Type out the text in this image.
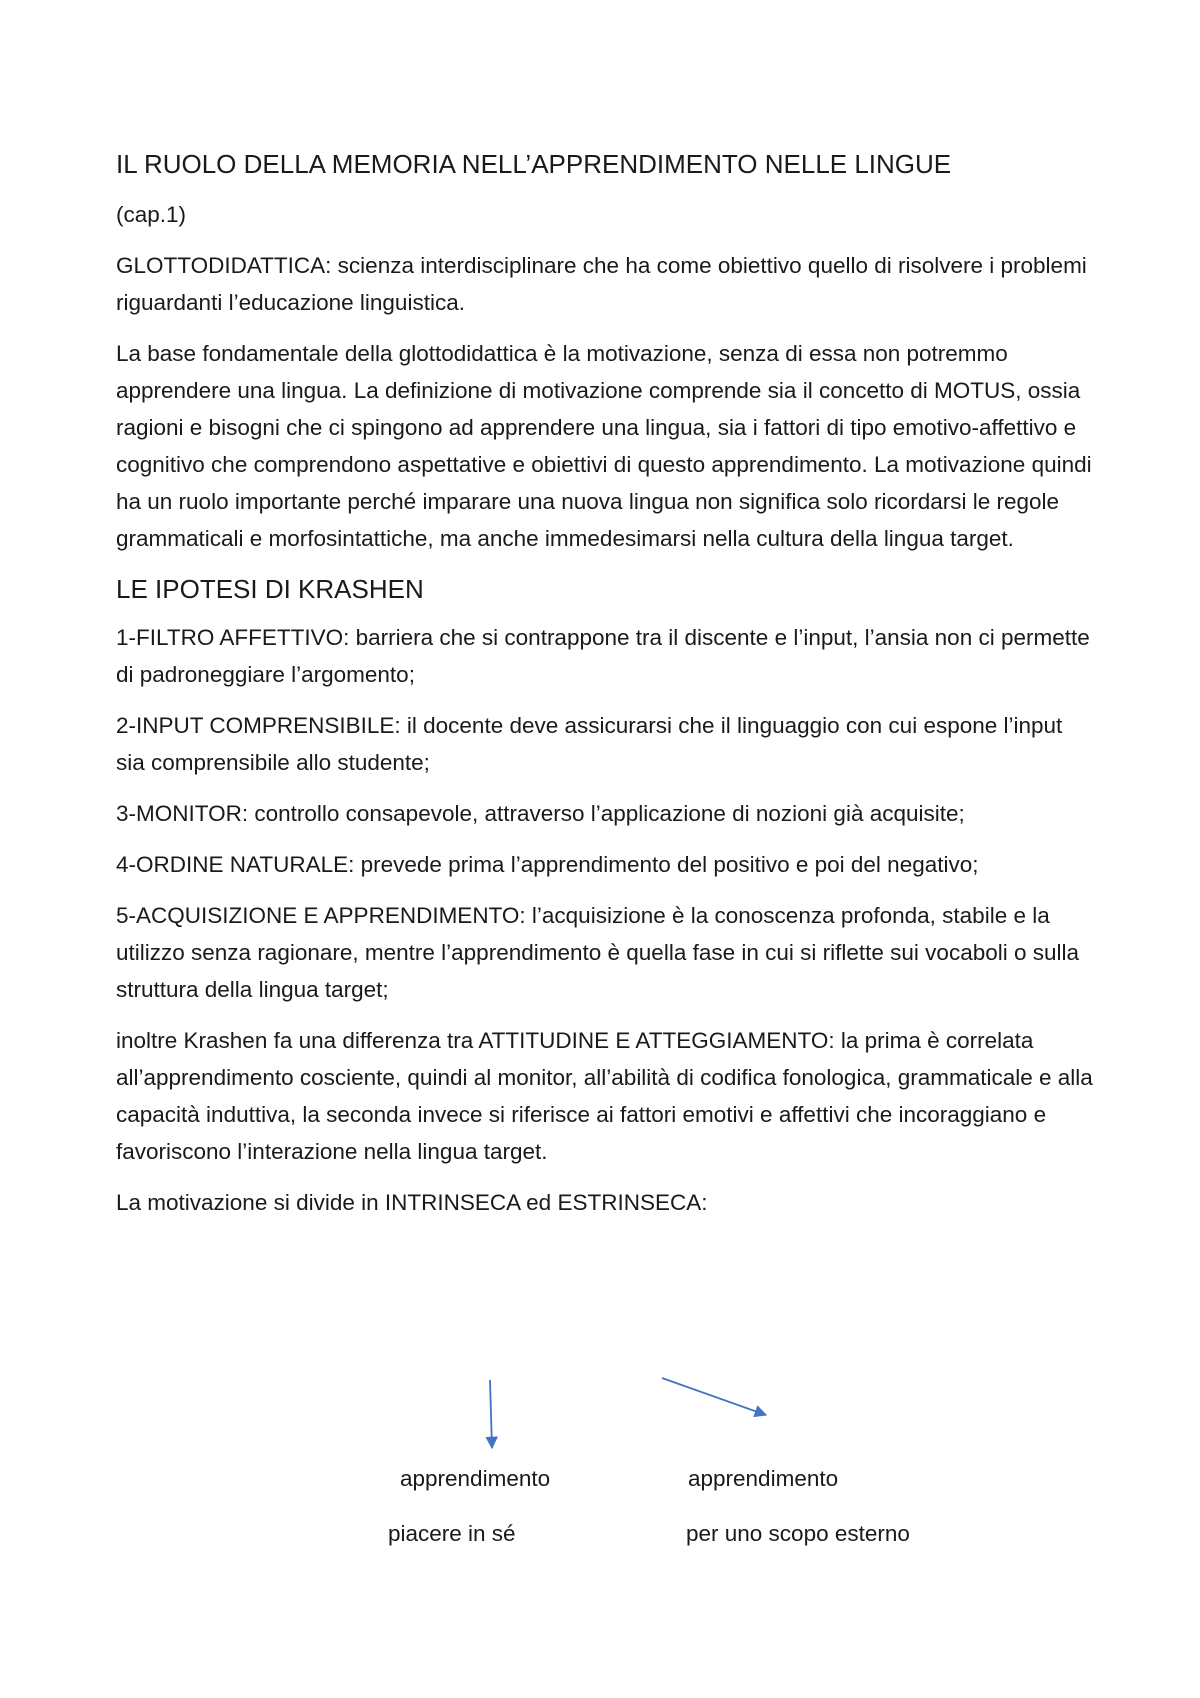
IL RUOLO DELLA MEMORIA NELL’APPRENDIMENTO NELLE LINGUE

(cap.1)

GLOTTODIDATTICA: scienza interdisciplinare che ha come obiettivo quello di risolvere i problemi riguardanti l’educazione linguistica.

La base fondamentale della glottodidattica è la motivazione, senza di essa non potremmo apprendere una lingua. La definizione di motivazione comprende sia il concetto di MOTUS, ossia ragioni e bisogni che ci spingono ad apprendere una lingua, sia i fattori di tipo emotivo-affettivo e cognitivo che comprendono aspettative e obiettivi di questo apprendimento. La motivazione quindi ha un ruolo importante perché imparare una nuova lingua non significa solo ricordarsi le regole grammaticali e morfosintattiche, ma anche immedesimarsi nella cultura della lingua target.

LE IPOTESI DI KRASHEN

1-FILTRO AFFETTIVO: barriera che si contrappone tra il discente e l’input, l’ansia non ci permette di padroneggiare l’argomento;

2-INPUT COMPRENSIBILE: il docente deve assicurarsi che il linguaggio con cui espone l’input sia comprensibile allo studente;

3-MONITOR: controllo consapevole, attraverso l’applicazione di nozioni già acquisite;

4-ORDINE NATURALE: prevede prima l’apprendimento del positivo e poi del negativo;

5-ACQUISIZIONE E APPRENDIMENTO: l’acquisizione è la conoscenza profonda, stabile e la utilizzo senza ragionare, mentre l’apprendimento è quella fase in cui si riflette sui vocaboli o sulla struttura della lingua target;

inoltre Krashen fa una differenza tra ATTITUDINE E ATTEGGIAMENTO: la prima è correlata all’apprendimento cosciente, quindi al monitor, all’abilità di codifica fonologica, grammaticale e alla capacità induttiva, la seconda invece si riferisce ai fattori emotivi e affettivi che incoraggiano e favoriscono l’interazione nella lingua target.

La motivazione si divide in INTRINSECA ed ESTRINSECA:

apprendimento
piacere in sé
apprendimento
per uno scopo esterno
